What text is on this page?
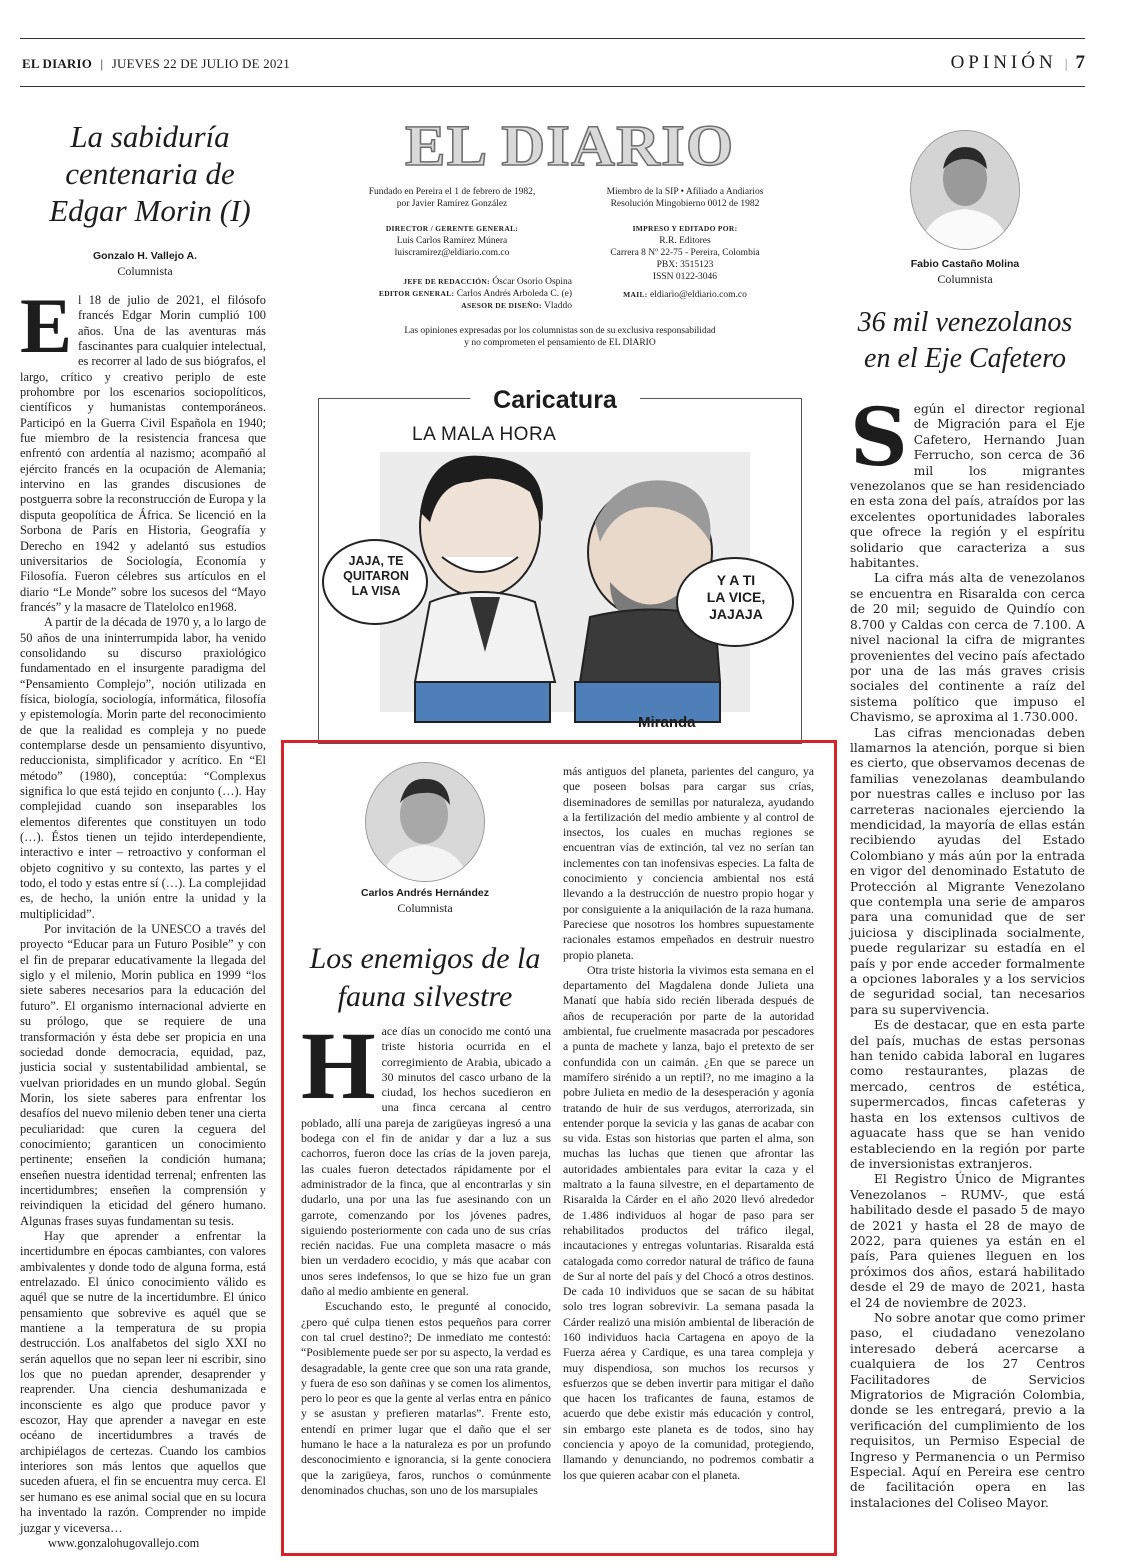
EL DIARIO | JUEVES 22 DE JULIO DE 2021	OPINIÓN | 7
La sabiduría centenaria de Edgar Morin (I)
Gonzalo H. Vallejo A.
Columnista

El 18 de julio de 2021, el filósofo francés Edgar Morin cumplió 100 años. Una de las aventuras más fascinantes para cualquier intelectual, es recorrer al lado de sus biógrafos, el largo, crítico y creativo periplo de este prohombre por los escenarios sociopolíticos, científicos y humanistas contemporáneos. Participó en la Guerra Civil Española en 1940; fue miembro de la resistencia francesa que enfrentó con ardentía al nazismo; acompañó al ejército francés en la ocupación de Alemania; intervino en las grandes discusiones de postguerra sobre la reconstrucción de Europa y la disputa geopolítica de África. Se licenció en la Sorbona de París en Historia, Geografía y Derecho en 1942 y adelantó sus estudios universitarios de Sociología, Economía y Filosofía. Fueron célebres sus artículos en el diario “Le Monde” sobre los sucesos del “Mayo francés” y la masacre de Tlatelolco en1968.

A partir de la década de 1970 y, a lo largo de 50 años de una ininterrumpida labor, ha venido consolidando su discurso praxiológico fundamentado en el insurgente paradigma del “Pensamiento Complejo”, noción utilizada en física, biología, sociología, informática, filosofía y epistemología. Morin parte del reconocimiento de que la realidad es compleja y no puede contemplarse desde un pensamiento disyuntivo, reduccionista, simplificador y acrítico. En “El método” (1980), conceptúa: “Complexus significa lo que está tejido en conjunto (…). Hay complejidad cuando son inseparables los elementos diferentes que constituyen un todo (…). Éstos tienen un tejido interdependiente, interactivo e inter – retroactivo y conforman el objeto cognitivo y su contexto, las partes y el todo, el todo y estas entre sí (…). La complejidad es, de hecho, la unión entre la unidad y la multiplicidad”.

Por invitación de la UNESCO a través del proyecto “Educar para un Futuro Posible” y con el fin de preparar educativamente la llegada del siglo y el milenio, Morin publica en 1999 “los siete saberes necesarios para la educación del futuro”. El organismo internacional advierte en su prólogo, que se requiere de una transformación y ésta debe ser propicia en una sociedad donde democracia, equidad, paz, justicia social y sustentabilidad ambiental, se vuelvan prioridades en un mundo global. Según Morin, los siete saberes para enfrentar los desafíos del nuevo milenio deben tener una cierta peculiaridad: que curen la ceguera del conocimiento; garanticen un conocimiento pertinente; enseñen la condición humana; enseñen nuestra identidad terrenal; enfrenten las incertidumbres; enseñen la comprensión y reivindiquen la eticidad del género humano. Algunas frases suyas fundamentan su tesis.

Hay que aprender a enfrentar la incertidumbre en épocas cambiantes, con valores ambivalentes y donde todo de alguna forma, está entrelazado. El único conocimiento válido es aquél que se nutre de la incertidumbre. El único pensamiento que sobrevive es aquél que se mantiene a la temperatura de su propia destrucción. Los analfabetos del siglo XXI no serán aquellos que no sepan leer ni escribir, sino los que no puedan aprender, desaprender y reaprender. Una ciencia deshumanizada e inconsciente es algo que produce pavor y escozor, Hay que aprender a navegar en este océano de incertidumbres a través de archipiélagos de certezas. Cuando los cambios interiores son más lentos que aquellos que suceden afuera, el fin se encuentra muy cerca. El ser humano es ese animal social que en su locura ha inventado la razón. Comprender no impide juzgar y viceversa…

www.gonzalohugovallejo.com

EL DIARIO
Fundado en Pereira el 1 de febrero de 1982,
por Javier Ramírez González
Miembro de la SIP • Afiliado a Andiarios
Resolución Mingobierno 0012 de 1982
DIRECTOR / GERENTE GENERAL:
Luis Carlos Ramírez Múnera
luiscramirez@eldiario.com.co
IMPRESO Y EDITADO POR:
R.R. Editores
Carrera 8 Nº 22-75 - Pereira, Colombia
PBX: 3515123
ISSN 0122-3046
JEFE DE REDACCIÓN: Óscar Osorio Ospina
EDITOR GENERAL: Carlos Andrés Arboleda C. (e)
ASESOR DE DISEÑO: Vladdo
MAIL: eldiario@eldiario.com.co
Las opiniones expresadas por los columnistas son de su exclusiva responsabilidad
y no comprometen el pensamiento de EL DIARIO
Caricatura
LA MALA HORA
JAJA, TE
QUITARON
LA VISA
Y A TI
LA VICE,
JAJAJA
Miranda
Carlos Andrés Hernández
Columnista
Los enemigos de la fauna silvestre

Hace días un conocido me contó una triste historia ocurrida en el corregimiento de Arabia, ubicado a 30 minutos del casco urbano de la ciudad, los hechos sucedieron en una finca cercana al centro poblado, allí una pareja de zarigüeyas ingresó a una bodega con el fin de anidar y dar a luz a sus cachorros, fueron doce las crías de la joven pareja, las cuales fueron detectados rápidamente por el administrador de la finca, que al encontrarlas y sin dudarlo, una por una las fue asesinando con un garrote, comenzando por los jóvenes padres, siguiendo posteriormente con cada uno de sus crías recién nacidas. Fue una completa masacre o más bien un verdadero ecocidio, y más que acabar con unos seres indefensos, lo que se hizo fue un gran daño al medio ambiente en general.

Escuchando esto, le pregunté al conocido, ¿pero qué culpa tienen estos pequeños para correr con tal cruel destino?; De inmediato me contestó: “Posiblemente puede ser por su aspecto, la verdad es desagradable, la gente cree que son una rata grande, y fuera de eso son dañinas y se comen los alimentos, pero lo peor es que la gente al verlas entra en pánico y se asustan y prefieren matarlas”. Frente esto, entendí en primer lugar que el daño que el ser humano le hace a la naturaleza es por un profundo desconocimiento e ignorancia, si la gente conociera que la zarigüeya, faros, runchos o comúnmente denominados chuchas, son uno de los marsupiales

más antiguos del planeta, parientes del canguro, ya que poseen bolsas para cargar sus crías, diseminadores de semillas por naturaleza, ayudando a la fertilización del medio ambiente y al control de insectos, los cuales en muchas regiones se encuentran vías de extinción, tal vez no serían tan inclementes con tan inofensivas especies. La falta de conocimiento y conciencia ambiental nos está llevando a la destrucción de nuestro propio hogar y por consiguiente a la aniquilación de la raza humana. Pareciese que nosotros los hombres supuestamente racionales estamos empeñados en destruir nuestro propio planeta.

Otra triste historia la vivimos esta semana en el departamento del Magdalena donde Julieta una Manatí que había sido recién liberada después de años de recuperación por parte de la autoridad ambiental, fue cruelmente masacrada por pescadores a punta de machete y lanza, bajo el pretexto de ser confundida con un caimán. ¿En que se parece un mamífero sirénido a un reptil?, no me imagino a la pobre Julieta en medio de la desesperación y agonía tratando de huir de sus verdugos, aterrorizada, sin entender porque la sevicia y las ganas de acabar con su vida. Estas son historias que parten el alma, son muchas las luchas que tienen que afrontar las autoridades ambientales para evitar la caza y el maltrato a la fauna silvestre, en el departamento de Risaralda la Cárder en el año 2020 llevó alrededor de 1.486 individuos al hogar de paso para ser rehabilitados productos del tráfico ilegal, incautaciones y entregas voluntarias. Risaralda está catalogada como corredor natural de tráfico de fauna de Sur al norte del país y del Chocó a otros destinos. De cada 10 individuos que se sacan de su hábitat solo tres logran sobrevivir. La semana pasada la Cárder realizó una misión ambiental de liberación de 160 individuos hacia Cartagena en apoyo de la Fuerza aérea y Cardique, es una tarea compleja y muy dispendiosa, son muchos los recursos y esfuerzos que se deben invertir para mitigar el daño que hacen los traficantes de fauna, estamos de acuerdo que debe existir más educación y control, sin embargo este planeta es de todos, sino hay conciencia y apoyo de la comunidad, protegiendo, llamando y denunciando, no podremos combatir a los que quieren acabar con el planeta.

Fabio Castaño Molina
Columnista
36 mil venezolanos en el Eje Cafetero

Según el director regional de Migración para el Eje Cafetero, Hernando Juan Ferrucho, son cerca de 36 mil los migrantes venezolanos que se han residenciado en esta zona del país, atraídos por las excelentes oportunidades laborales que ofrece la región y el espíritu solidario que caracteriza a sus habitantes.

La cifra más alta de venezolanos se encuentra en Risaralda con cerca de 20 mil; seguido de Quindío con 8.700 y Caldas con cerca de 7.100. A nivel nacional la cifra de migrantes provenientes del vecino país afectado por una de las más graves crisis sociales del continente a raíz del sistema político que impuso el Chavismo, se aproxima al 1.730.000.

Las cifras mencionadas deben llamarnos la atención, porque si bien es cierto, que observamos decenas de familias venezolanas deambulando por nuestras calles e incluso por las carreteras nacionales ejerciendo la mendicidad, la mayoría de ellas están recibiendo ayudas del Estado Colombiano y más aún por la entrada en vigor del denominado Estatuto de Protección al Migrante Venezolano que contempla una serie de amparos para una comunidad que de ser juiciosa y disciplinada socialmente, puede regularizar su estadía en el país y por ende acceder formalmente a opciones laborales y a los servicios de seguridad social, tan necesarios para su supervivencia.

Es de destacar, que en esta parte del país, muchas de estas personas han tenido cabida laboral en lugares como restaurantes, plazas de mercado, centros de estética, supermercados, fincas cafeteras y hasta en los extensos cultivos de aguacate hass que se han venido estableciendo en la región por parte de inversionistas extranjeros.

El Registro Único de Migrantes Venezolanos – RUMV-, que está habilitado desde el pasado 5 de mayo de 2021 y hasta el 28 de mayo de 2022, para quienes ya están en el país, Para quienes lleguen en los próximos dos años, estará habilitado desde el 29 de mayo de 2021, hasta el 24 de noviembre de 2023.

No sobre anotar que como primer paso, el ciudadano venezolano interesado deberá acercarse a cualquiera de los 27 Centros Facilitadores de Servicios Migratorios de Migración Colombia, donde se les entregará, previo a la verificación del cumplimiento de los requisitos, un Permiso Especial de Ingreso y Permanencia o un Permiso Especial. Aquí en Pereira ese centro de facilitación opera en las instalaciones del Coliseo Mayor.
